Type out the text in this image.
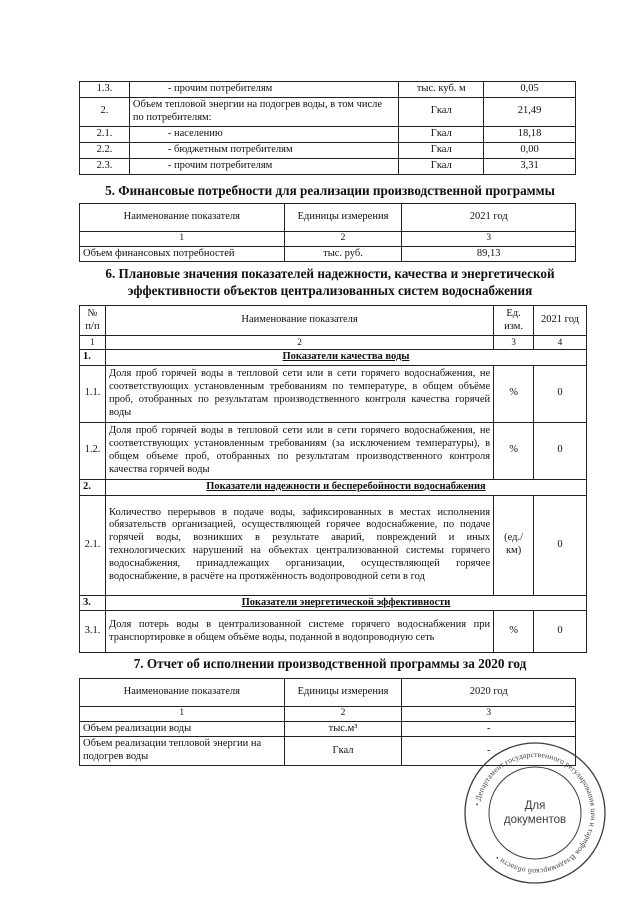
1.3.	- прочим потребителям	тыс. куб. м	0,05
2.	Объем тепловой энергии на подогрев воды, в том числе по потребителям:	Гкал	21,49
2.1.	- населению	Гкал	18,18
2.2.	- бюджетным потребителям	Гкал	0,00
2.3.	- прочим потребителям	Гкал	3,31
5. Финансовые потребности для реализации производственной программы
Наименование показателя	Единицы измерения	2021 год
1	2	3
Объем финансовых потребностей	тыс. руб.	89,13
6. Плановые значения показателей надежности, качества и энергетической
эффективности объектов централизованных систем водоснабжения
№ п/п	Наименование показателя	Ед. изм.	2021 год
1	2	3	4
1.	Показатели качества воды		
1.1.	Доля проб горячей воды в тепловой сети или в сети горячего водоснабжения, не соответствующих установленным требованиям по температуре, в общем объёме проб, отобранных по результатам производственного контроля качества горячей воды	%	0
1.2.	Доля проб горячей воды в тепловой сети или в сети горячего водоснабжения, не соответствующих установленным требованиям (за исключением температуры), в общем объеме проб, отобранных по результатам производственного контроля качества горячей воды	%	0
2.	Показатели надежности и бесперебойности водоснабжения		
2.1.	Количество перерывов в подаче воды, зафиксированных в местах исполнения обязательств организацией, осуществляющей горячее водоснабжение, по подаче горячей воды, возникших в результате аварий, повреждений и иных технологических нарушений на объектах централизованной системы горячего водоснабжения, принадлежащих организации, осуществляющей горячее водоснабжение, в расчёте на протяжённость водопроводной сети в год	(ед./ км)	0
3.	Показатели энергетической эффективности		
3.1.	Доля потерь воды в централизованной системе горячего водоснабжения при транспортировке в общем объёме воды, поданной в водопроводную сеть	%	0
7. Отчет об исполнении производственной программы за 2020 год
Наименование показателя	Единицы измерения	2020 год
1	2	3
Объем реализации воды	тыс.м³	-
Объем реализации тепловой энергии на подогрев воды	Гкал	-
• Департамент государственного регулирования цен и тарифов Владимирской области •
Для
документов
